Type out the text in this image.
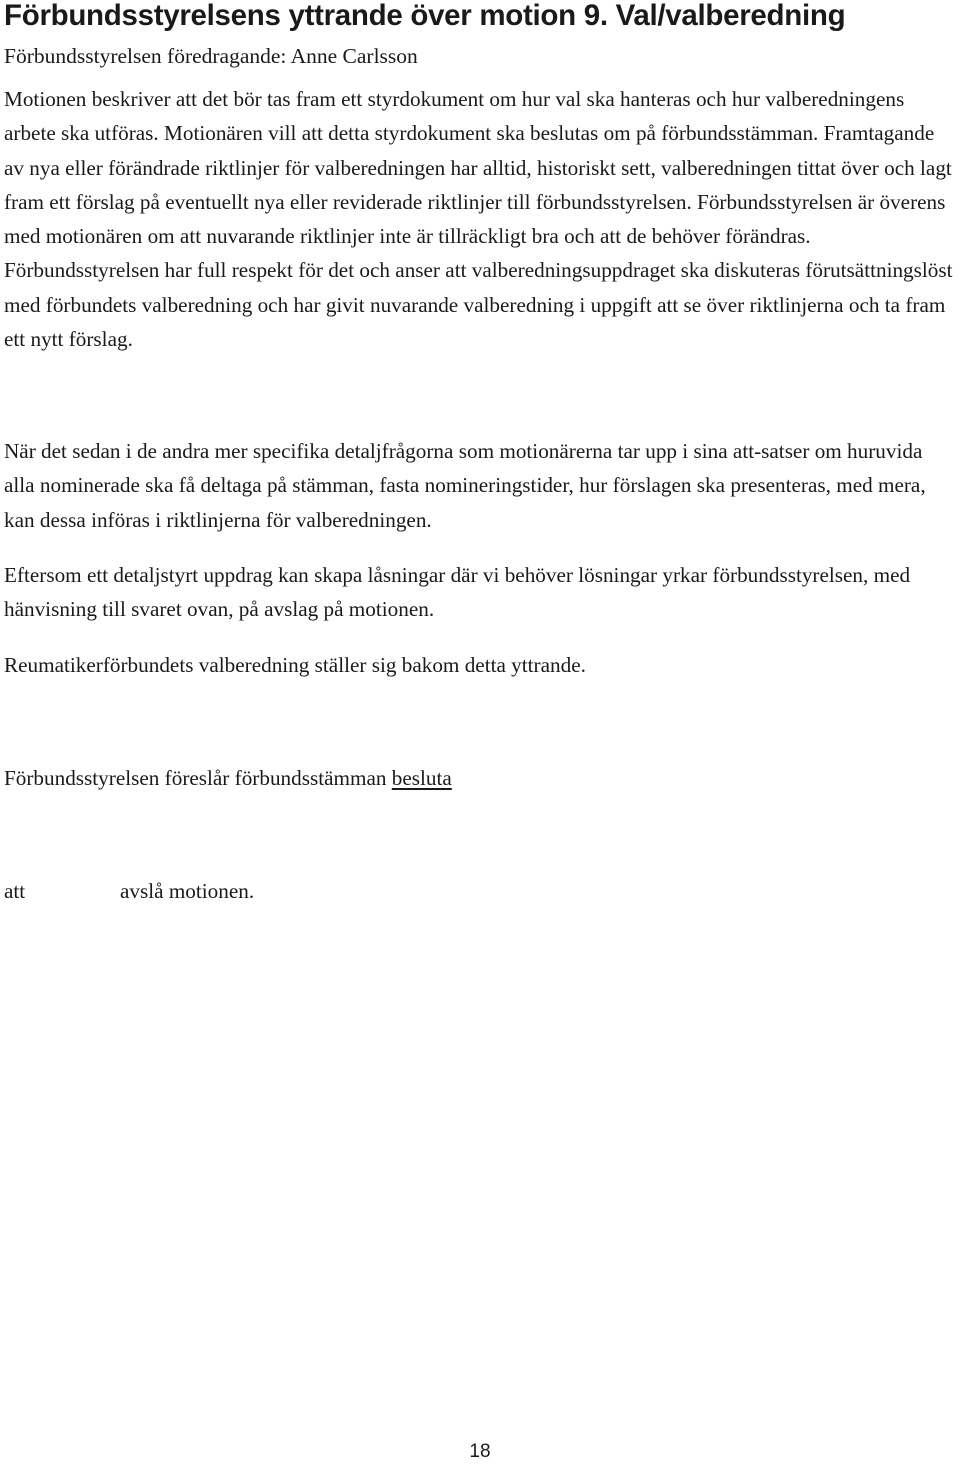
Förbundsstyrelsens yttrande över motion 9. Val/valberedning

Förbundsstyrelsen föredragande: Anne Carlsson

Motionen beskriver att det bör tas fram ett styrdokument om hur val ska hanteras och hur valberedningens arbete ska utföras. Motionären vill att detta styrdokument ska beslutas om på förbundsstämman. Framtagande av nya eller förändrade riktlinjer för valberedningen har alltid, historiskt sett, valberedningen tittat över och lagt fram ett förslag på eventuellt nya eller reviderade riktlinjer till förbundsstyrelsen. Förbundsstyrelsen är överens med motionären om att nuvarande riktlinjer inte är tillräckligt bra och att de behöver förändras. Förbundsstyrelsen har full respekt för det och anser att valberedningsuppdraget ska diskuteras förutsättningslöst med förbundets valberedning och har givit nuvarande valberedning i uppgift att se över riktlinjerna och ta fram ett nytt förslag.

När det sedan i de andra mer specifika detaljfrågorna som motionärerna tar upp i sina att-satser om huruvida alla nominerade ska få deltaga på stämman, fasta nomineringstider, hur förslagen ska presenteras, med mera, kan dessa införas i riktlinjerna för valberedningen.

Eftersom ett detaljstyrt uppdrag kan skapa låsningar där vi behöver lösningar yrkar förbundsstyrelsen, med hänvisning till svaret ovan, på avslag på motionen.

Reumatikerförbundets valberedning ställer sig bakom detta yttrande.

Förbundsstyrelsen föreslår förbundsstämman besluta

att	avslå motionen.

18
